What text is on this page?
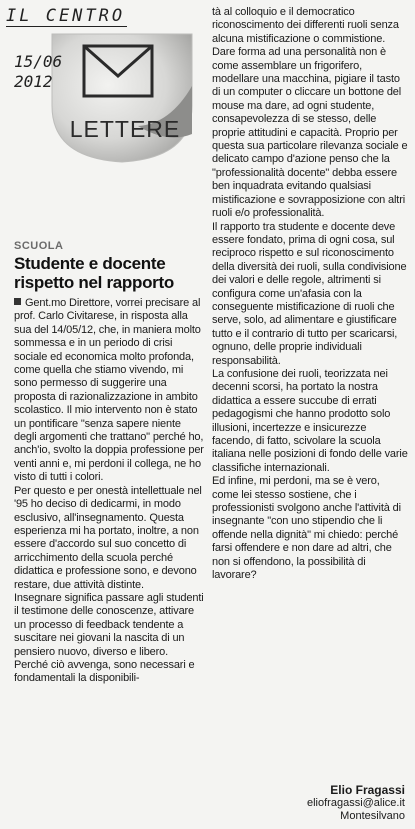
IL CENTRO
LETTERE
15/06
2012
SCUOLA
Studente e docente rispetto nel rapporto

Gent.mo Direttore, vorrei precisare al prof. Carlo Civitarese, in risposta alla sua del 14/05/12, che, in maniera molto sommessa e in un periodo di crisi sociale ed economica molto profonda, come quella che stiamo vivendo, mi sono permesso di suggerire una proposta di razionalizzazione in ambito scolastico. Il mio intervento non è stato un pontificare "senza sapere niente degli argomenti che trattano" perché ho, anch'io, svolto la doppia professione per venti anni e, mi perdoni il collega, ne ho visto di tutti i colori.

Per questo e per onestà intellettuale nel '95 ho deciso di dedicarmi, in modo esclusivo, all'insegnamento. Questa esperienza mi ha portato, inoltre, a non essere d'accordo sul suo concetto di arricchimento della scuola perché didattica e professione sono, e devono restare, due attività distinte.

Insegnare significa passare agli studenti il testimone delle conoscenze, attivare un processo di feedback tendente a suscitare nei giovani la nascita di un pensiero nuovo, diverso e libero.

Perché ciò avvenga, sono necessari e fondamentali la disponibili-

tà al colloquio e il democratico riconoscimento dei differenti ruoli senza alcuna mistificazione o commistione.

Dare forma ad una personalità non è come assemblare un frigorifero, modellare una macchina, pigiare il tasto di un computer o cliccare un bottone del mouse ma dare, ad ogni studente, consapevolezza di se stesso, delle proprie attitudini e capacità. Proprio per questa sua particolare rilevanza sociale e delicato campo d'azione penso che la "professionalità docente" debba essere ben inquadrata evitando qualsiasi mistificazione e sovrapposizione con altri ruoli e/o professionalità.

Il rapporto tra studente e docente deve essere fondato, prima di ogni cosa, sul reciproco rispetto e sul riconoscimento della diversità dei ruoli, sulla condivisione dei valori e delle regole, altrimenti si configura come un'afasia con la conseguente mistificazione di ruoli che serve, solo, ad alimentare e giustificare tutto e il contrario di tutto per scaricarsi, ognuno, delle proprie individuali responsabilità.

La confusione dei ruoli, teorizzata nei decenni scorsi, ha portato la nostra didattica a essere succube di errati pedagogismi che hanno prodotto solo illusioni, incertezze e insicurezze facendo, di fatto, scivolare la scuola italiana nelle posizioni di fondo delle varie classifiche internazionali.

Ed infine, mi perdoni, ma se è vero, come lei stesso sostiene, che i professionisti svolgono anche l'attività di insegnante "con uno stipendio che li offende nella dignità" mi chiedo: perché farsi offendere e non dare ad altri, che non si offendono, la possibilità di lavorare?

Elio Fragassi
eliofragassi@alice.it
Montesilvano
